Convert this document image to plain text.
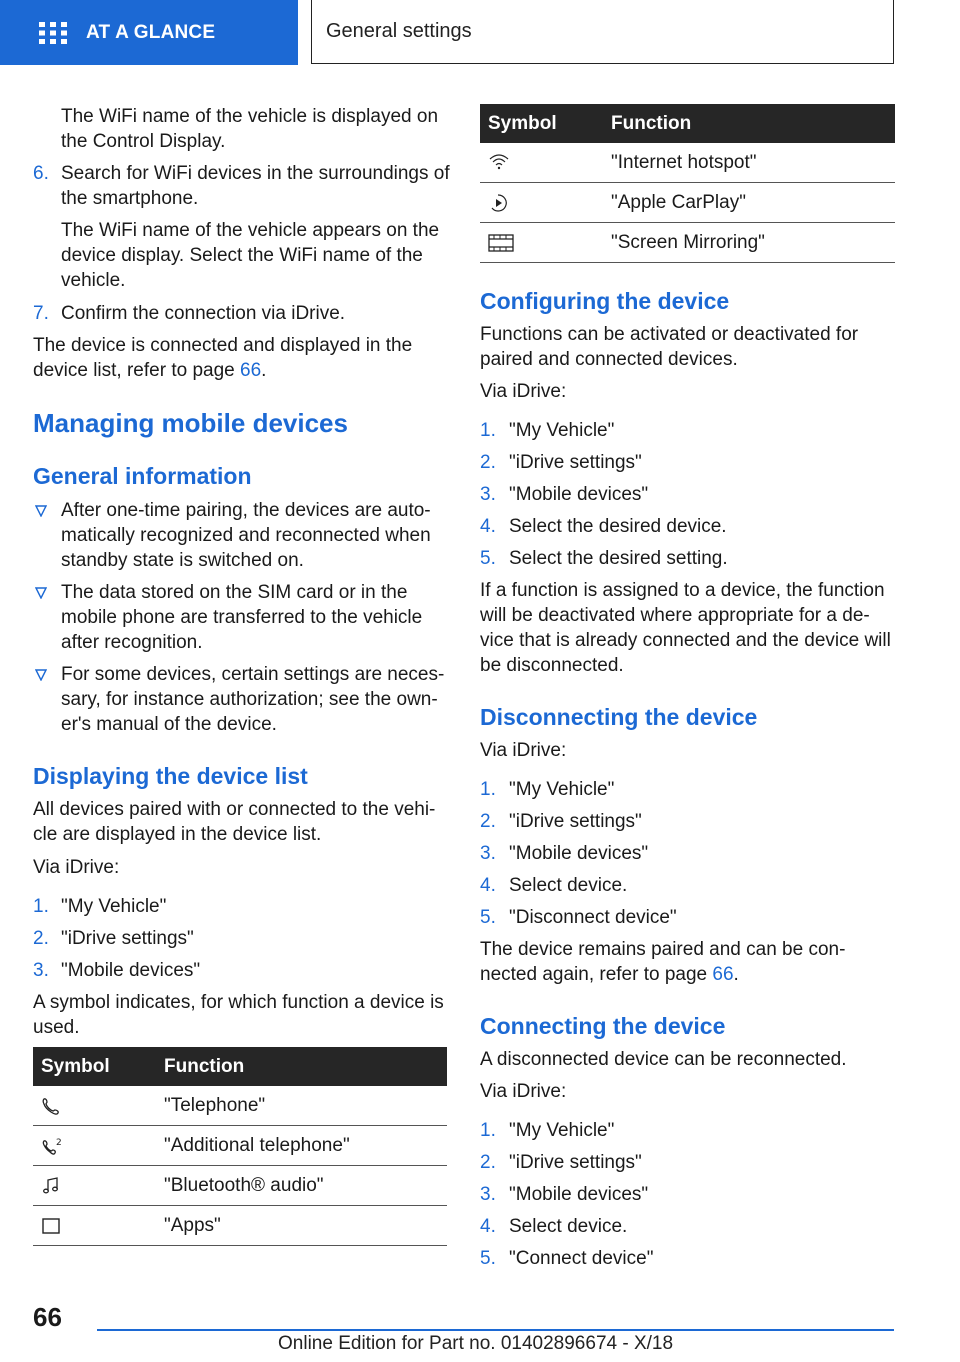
AT A GLANCE	General settings

The WiFi name of the vehicle is displayed on the Control Display.

6. Search for WiFi devices in the surroundings of the smartphone.

The WiFi name of the vehicle appears on the device display. Select the WiFi name of the vehicle.

7. Confirm the connection via iDrive.

The device is connected and displayed in the device list, refer to page 66.

Managing mobile devices
General information

After one-time pairing, the devices are auto-matically recognized and reconnected when standby state is switched on.

The data stored on the SIM card or in the mobile phone are transferred to the vehicle after recognition.

For some devices, certain settings are neces-sary, for instance authorization; see the own-er's manual of the device.

Displaying the device list

All devices paired with or connected to the vehi-cle are displayed in the device list.

Via iDrive:

1. "My Vehicle"

2. "iDrive settings"

3. "Mobile devices"

A symbol indicates, for which function a device is used.

Symbol	Function

	"Telephone"

2	"Additional telephone"

	"Bluetooth® audio"

	"Apps"
Symbol	Function

	"Internet hotspot"

	"Apple CarPlay"

	"Screen Mirroring"
Configuring the device

Functions can be activated or deactivated for paired and connected devices.

Via iDrive:

1. "My Vehicle"

2. "iDrive settings"

3. "Mobile devices"

4. Select the desired device.

5. Select the desired setting.

If a function is assigned to a device, the function will be deactivated where appropriate for a de-vice that is already connected and the device will be disconnected.

Disconnecting the device

Via iDrive:

1. "My Vehicle"

2. "iDrive settings"

3. "Mobile devices"

4. Select device.

5. "Disconnect device"

The device remains paired and can be con-nected again, refer to page 66.

Connecting the device

A disconnected device can be reconnected.

Via iDrive:

1. "My Vehicle"

2. "iDrive settings"

3. "Mobile devices"

4. Select device.

5. "Connect device"

66
Online Edition for Part no. 01402896674 - X/18
